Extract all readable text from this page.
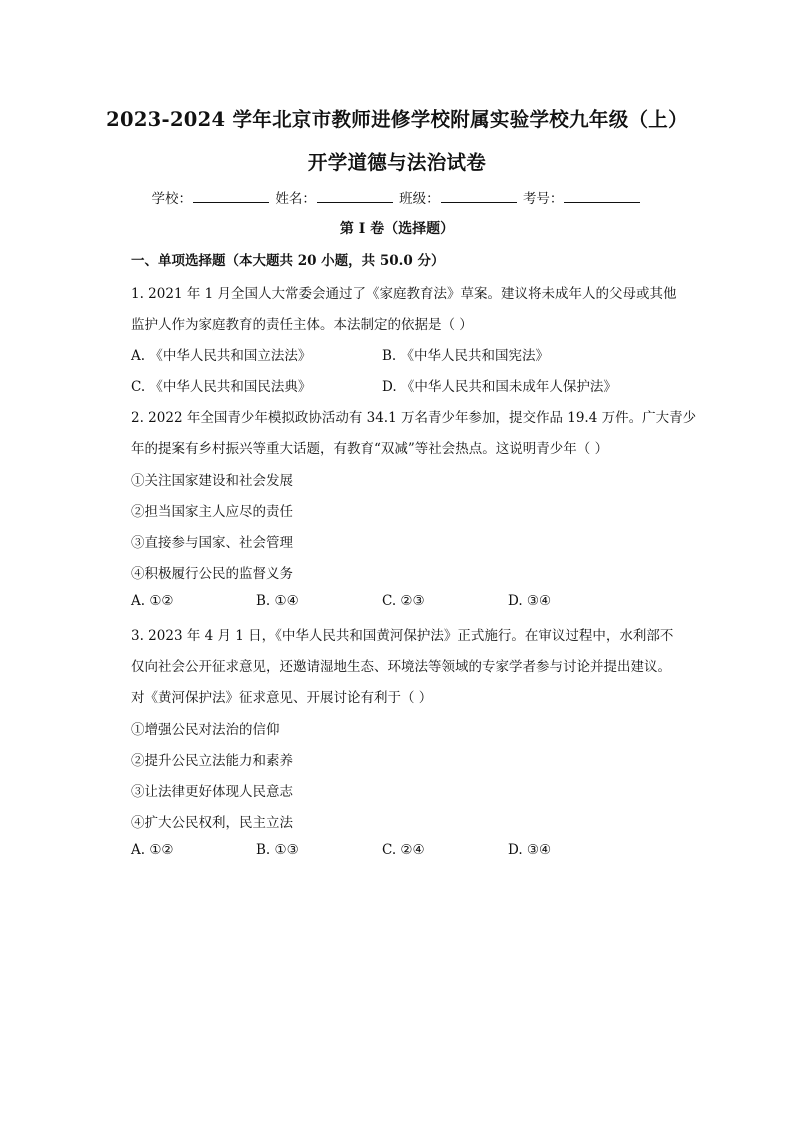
2023-2024 学年北京市教师进修学校附属实验学校九年级（上）
开学道德与法治试卷
学校：	姓名：	班级：	考号：
第 I 卷（选择题）
一、单项选择题（本大题共 20 小题，共 50.0 分）
1. 2021 年 1 月全国人大常委会通过了《家庭教育法》草案。建议将未成年人的父母或其他
监护人作为家庭教育的责任主体。本法制定的依据是（ ）
A. 《中华人民共和国立法法》	B. 《中华人民共和国宪法》
C. 《中华人民共和国民法典》	D. 《中华人民共和国未成年人保护法》
2. 2022 年全国青少年模拟政协活动有 34.1 万名青少年参加，提交作品 19.4 万件。广大青少
年的提案有乡村振兴等重大话题，有教育“双减”等社会热点。这说明青少年（ ）
①关注国家建设和社会发展
②担当国家主人应尽的责任
③直接参与国家、社会管理
④积极履行公民的监督义务
A. ①②	B. ①④	C. ②③	D. ③④
3. 2023 年 4 月 1 日，《中华人民共和国黄河保护法》正式施行。在审议过程中，水利部不
仅向社会公开征求意见，还邀请湿地生态、环境法等领域的专家学者参与讨论并提出建议。
对《黄河保护法》征求意见、开展讨论有利于（ ）
①增强公民对法治的信仰
②提升公民立法能力和素养
③让法律更好体现人民意志
④扩大公民权利，民主立法
A. ①②	B. ①③	C. ②④	D. ③④
